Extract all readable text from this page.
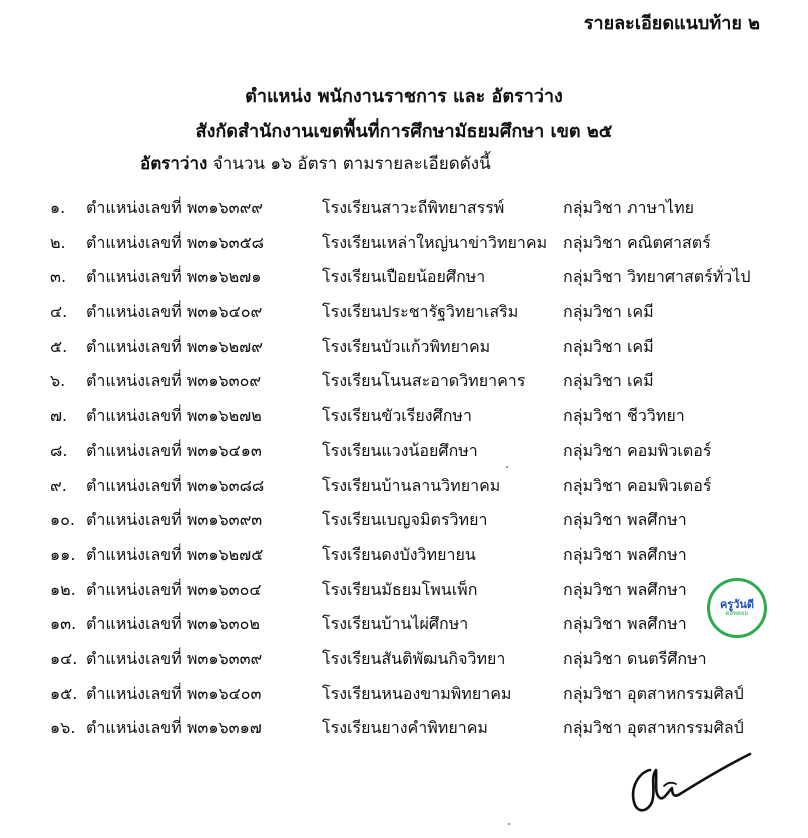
รายละเอียดแนบท้าย ๒
ตำแหน่ง พนักงานราชการ และ อัตราว่าง
สังกัดสำนักงานเขตพื้นที่การศึกษามัธยมศึกษา เขต ๒๕
อัตราว่าง จำนวน ๑๖ อัตรา ตามรายละเอียดดังนี้
๑. ตำแหน่งเลขที่ พ๓๑๖๓๙๙	โรงเรียนสาวะถีพิทยาสรรพ์	กลุ่มวิชา ภาษาไทย
๒. ตำแหน่งเลขที่ พ๓๑๖๓๕๘	โรงเรียนเหล่าใหญ่นาข่าวิทยาคม กลุ่มวิชา คณิตศาสตร์
๓. ตำแหน่งเลขที่ พ๓๑๖๒๗๑	โรงเรียนเปือยน้อยศึกษา	กลุ่มวิชา วิทยาศาสตร์ทั่วไป
๔. ตำแหน่งเลขที่ พ๓๑๖๔๐๙	โรงเรียนประชารัฐวิทยาเสริม	กลุ่มวิชา เคมี
๕. ตำแหน่งเลขที่ พ๓๑๖๒๗๙	โรงเรียนบัวแก้วพิทยาคม	กลุ่มวิชา เคมี
๖. ตำแหน่งเลขที่ พ๓๑๖๓๐๙	โรงเรียนโนนสะอาดวิทยาคาร กลุ่มวิชา เคมี
๗. ตำแหน่งเลขที่ พ๓๑๖๒๗๒	โรงเรียนขัวเรียงศึกษา	กลุ่มวิชา ชีววิทยา
๘. ตำแหน่งเลขที่ พ๓๑๖๔๑๓	โรงเรียนแวงน้อยศึกษา	กลุ่มวิชา คอมพิวเตอร์
๙. ตำแหน่งเลขที่ พ๓๑๖๓๘๘	โรงเรียนบ้านลานวิทยาคม	กลุ่มวิชา คอมพิวเตอร์
๑๐. ตำแหน่งเลขที่ พ๓๑๖๓๙๓	โรงเรียนเบญจมิตรวิทยา	กลุ่มวิชา พลศึกษา
๑๑. ตำแหน่งเลขที่ พ๓๑๖๒๗๕	โรงเรียนดงบังวิทยายน	กลุ่มวิชา พลศึกษา
๑๒. ตำแหน่งเลขที่ พ๓๑๖๓๐๔	โรงเรียนมัธยมโพนเพ็ก	กลุ่มวิชา พลศึกษา
๑๓. ตำแหน่งเลขที่ พ๓๑๖๓๐๒	โรงเรียนบ้านไผ่ศึกษา	กลุ่มวิชา พลศึกษา
๑๔. ตำแหน่งเลขที่ พ๓๑๖๓๓๙	โรงเรียนสันติพัฒนกิจวิทยา	กลุ่มวิชา ดนตรีศึกษา
๑๕. ตำแหน่งเลขที่ พ๓๑๖๔๐๓	โรงเรียนหนองขามพิทยาคม	กลุ่มวิชา อุตสาหกรรมศิลป์
๑๖. ตำแหน่งเลขที่ พ๓๑๖๓๑๗	โรงเรียนยางคำพิทยาคม	กลุ่มวิชา อุตสาหกรรมศิลป์
ครูวันดี
ดอทคอม
